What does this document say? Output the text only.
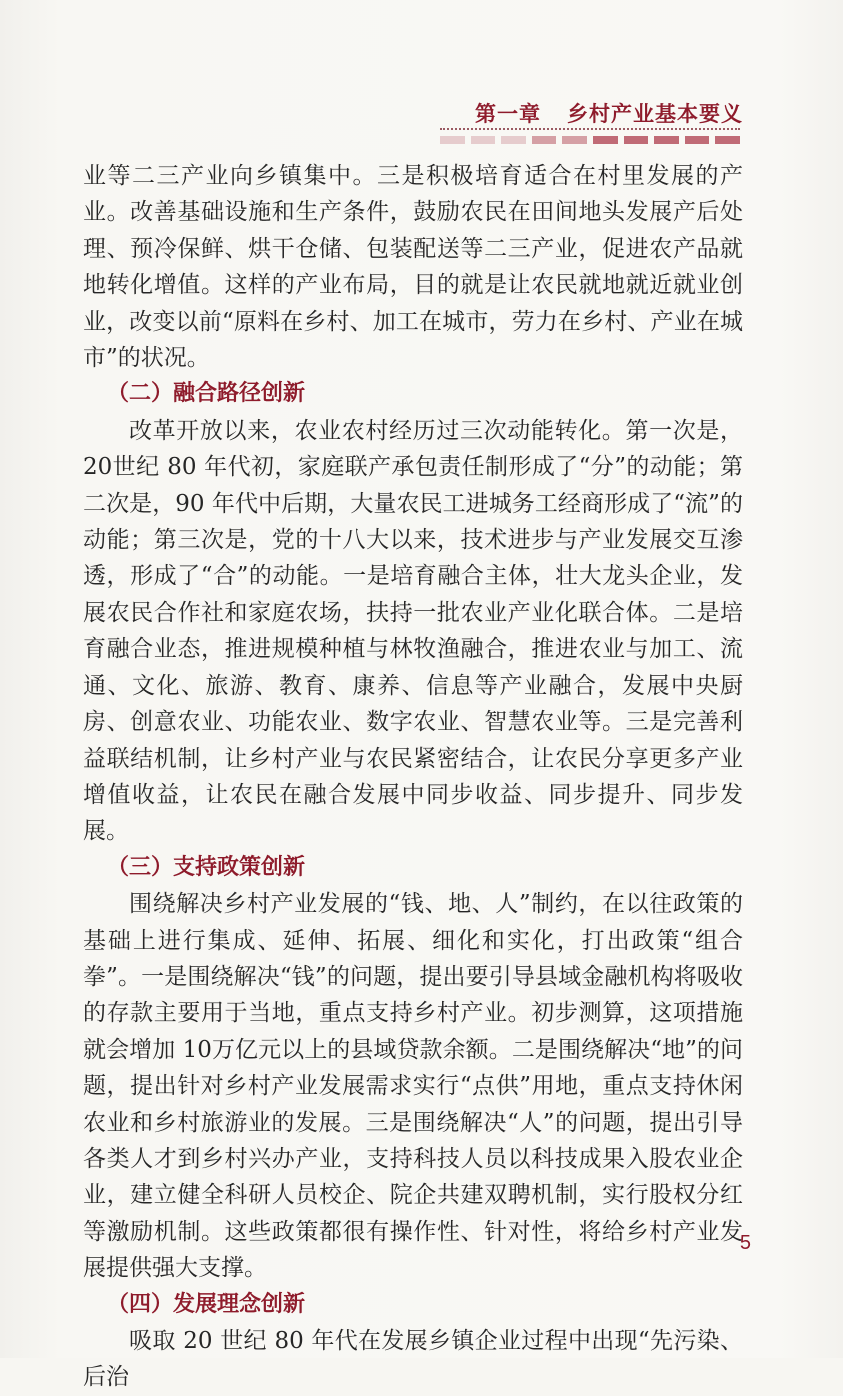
第一章 乡村产业基本要义

业等二三产业向乡镇集中。三是积极培育适合在村里发展的产业。改善基础设施和生产条件，鼓励农民在田间地头发展产后处理、预冷保鲜、烘干仓储、包装配送等二三产业，促进农产品就地转化增值。这样的产业布局，目的就是让农民就地就近就业创业，改变以前“原料在乡村、加工在城市，劳力在乡村、产业在城市”的状况。

（二）融合路径创新

改革开放以来，农业农村经历过三次动能转化。第一次是，20世纪 80 年代初，家庭联产承包责任制形成了“分”的动能；第二次是，90 年代中后期，大量农民工进城务工经商形成了“流”的动能；第三次是，党的十八大以来，技术进步与产业发展交互渗透，形成了“合”的动能。一是培育融合主体，壮大龙头企业，发展农民合作社和家庭农场，扶持一批农业产业化联合体。二是培育融合业态，推进规模种植与林牧渔融合，推进农业与加工、流通、文化、旅游、教育、康养、信息等产业融合，发展中央厨房、创意农业、功能农业、数字农业、智慧农业等。三是完善利益联结机制，让乡村产业与农民紧密结合，让农民分享更多产业增值收益，让农民在融合发展中同步收益、同步提升、同步发展。

（三）支持政策创新

围绕解决乡村产业发展的“钱、地、人”制约，在以往政策的基础上进行集成、延伸、拓展、细化和实化，打出政策“组合拳”。一是围绕解决“钱”的问题，提出要引导县域金融机构将吸收的存款主要用于当地，重点支持乡村产业。初步测算，这项措施就会增加 10万亿元以上的县域贷款余额。二是围绕解决“地”的问题，提出针对乡村产业发展需求实行“点供”用地，重点支持休闲农业和乡村旅游业的发展。三是围绕解决“人”的问题，提出引导各类人才到乡村兴办产业，支持科技人员以科技成果入股农业企业，建立健全科研人员校企、院企共建双聘机制，实行股权分红等激励机制。这些政策都很有操作性、针对性，将给乡村产业发展提供强大支撑。

（四）发展理念创新

吸取 20 世纪 80 年代在发展乡镇企业过程中出现“先污染、后治

5
